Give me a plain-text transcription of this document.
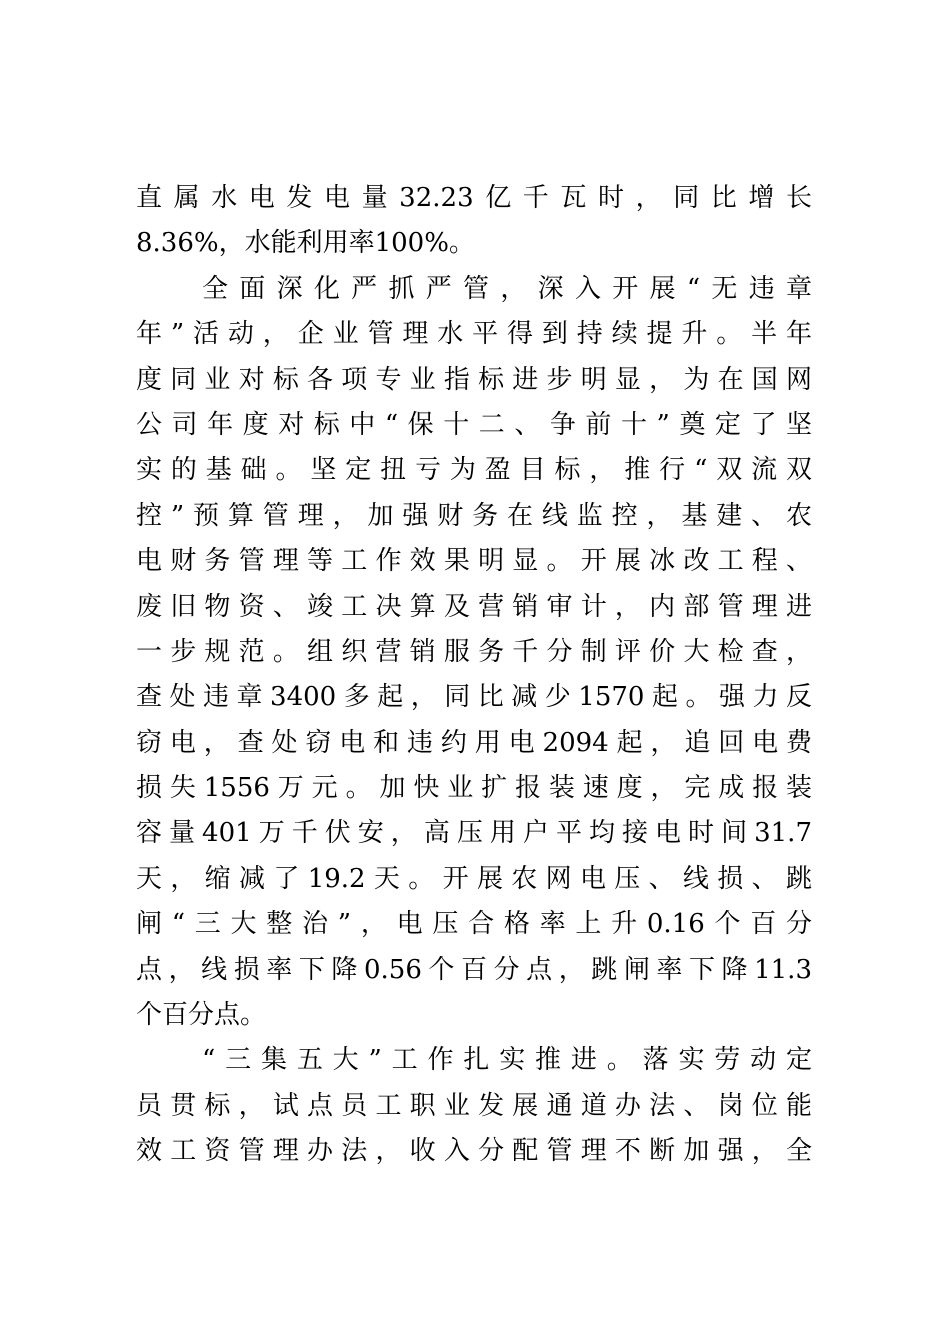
直属水电发电量32.23亿千瓦时，同比增长
8.36%，水能利用率100%。
全面深化严抓严管，深入开展“无违章
年”活动，企业管理水平得到持续提升。半年
度同业对标各项专业指标进步明显，为在国网
公司年度对标中“保十二、争前十”奠定了坚
实的基础。坚定扭亏为盈目标，推行“双流双
控”预算管理，加强财务在线监控，基建、农
电财务管理等工作效果明显。开展冰改工程、
废旧物资、竣工决算及营销审计，内部管理进
一步规范。组织营销服务千分制评价大检查，
查处违章3400多起，同比减少1570起。强力反
窃电，查处窃电和违约用电2094起，追回电费
损失1556万元。加快业扩报装速度，完成报装
容量401万千伏安，高压用户平均接电时间31.7
天，缩减了19.2天。开展农网电压、线损、跳
闸“三大整治”，电压合格率上升0.16个百分
点，线损率下降0.56个百分点，跳闸率下降11.3
个百分点。
“三集五大”工作扎实推进。落实劳动定
员贯标，试点员工职业发展通道办法、岗位能
效工资管理办法，收入分配管理不断加强，全
